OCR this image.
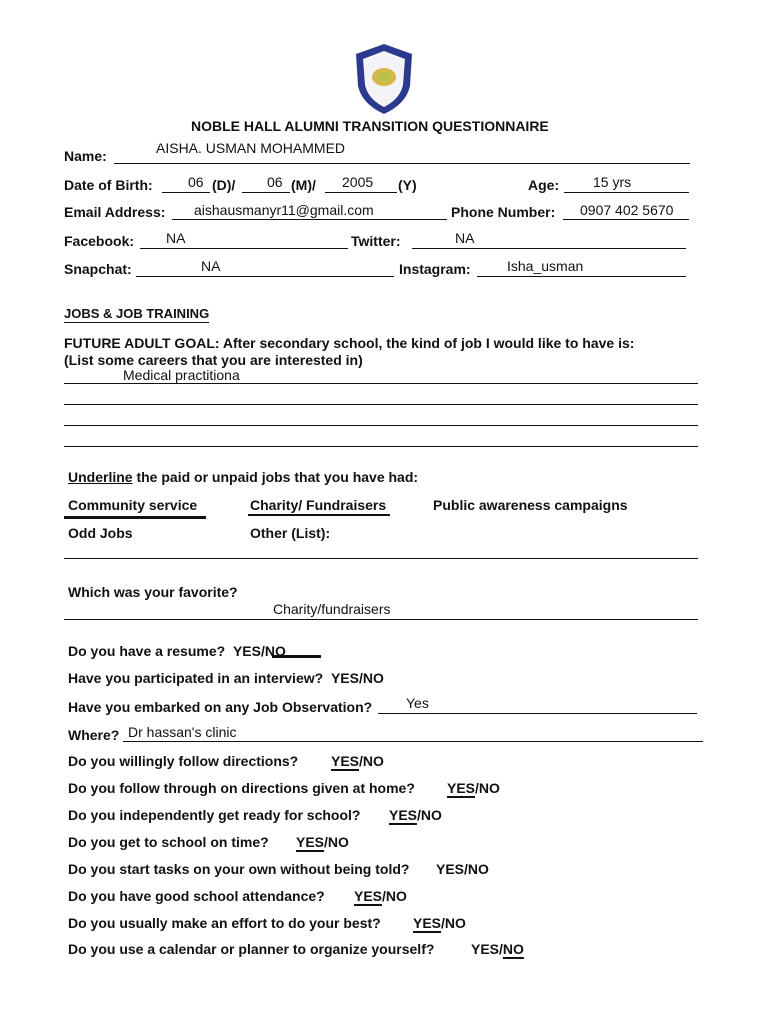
NOBLE HALL ALUMNI TRANSITION QUESTIONNAIRE
Name:	AISHA. USMAN MOHAMMED
Date of Birth:	06 (D)/ 06 (M)/ 2005 (Y)	Age: 15 yrs
Email Address: aishausmanyr11@gmail.com	Phone Number: 0907 402 5670
Facebook: NA	Twitter:	NA
Snapchat:	NA	Instagram:	Isha_usman
JOBS & JOB TRAINING
FUTURE ADULT GOAL: After secondary school, the kind of job I would like to have is:
(List some careers that you are interested in)
Medical practitiona
Underline the paid or unpaid jobs that you have had:
Community service	Charity/ Fundraisers	Public awareness campaigns
Odd Jobs	Other (List):
Which was your favorite?
Charity/fundraisers
Do you have a resume? YES/NO
Have you participated in an interview? YES/NO
Have you embarked on any Job Observation? Yes
Where? Dr hassan's clinic
Do you willingly follow directions? YES/NO
Do you follow through on directions given at home? YES/NO
Do you independently get ready for school? YES/NO
Do you get to school on time? YES/NO
Do you start tasks on your own without being told? YES/NO
Do you have good school attendance? YES/NO
Do you usually make an effort to do your best? YES/NO
Do you use a calendar or planner to organize yourself?	YES/NO
